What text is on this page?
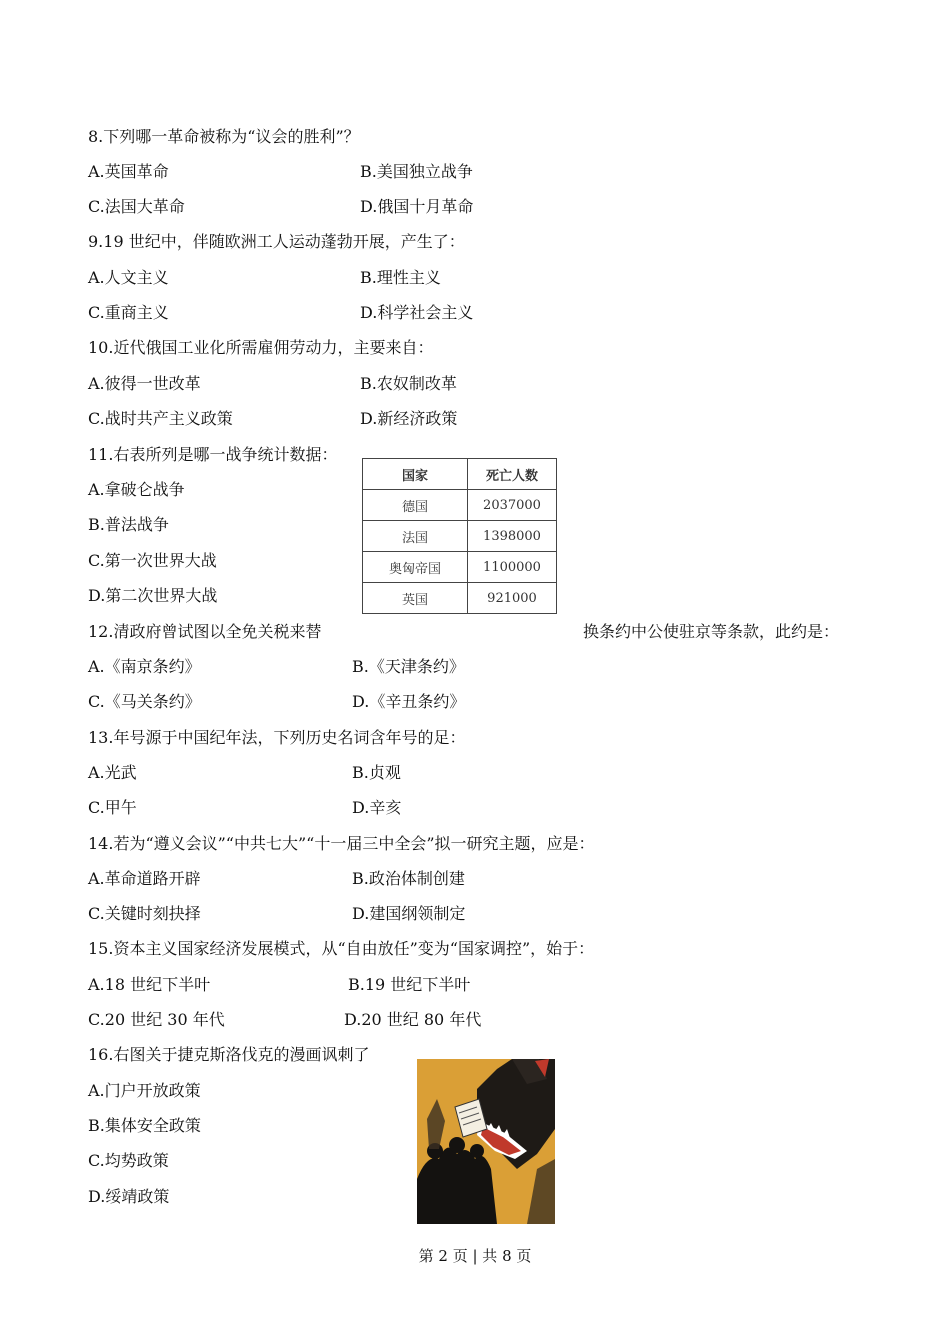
8.下列哪一革命被称为“议会的胜利”？
A.英国革命	B.美国独立战争
C.法国大革命	D.俄国十月革命
9.19 世纪中，伴随欧洲工人运动蓬勃开展，产生了：
A.人文主义	B.理性主义
C.重商主义	D.科学社会主义
10.近代俄国工业化所需雇佣劳动力，主要来自：
A.彼得一世改革	B.农奴制改革
C.战时共产主义政策	D.新经济政策
11.右表所列是哪一战争统计数据：
A.拿破仑战争
B.普法战争
C.第一次世界大战
D.第二次世界大战
国家	死亡人数
德国	2037000
法国	1398000
奥匈帝国	1100000
英国	921000
12.清政府曾试图以全免关税来替	换条约中公使驻京等条款，此约是：
A.《南京条约》	B.《天津条约》
C.《马关条约》	D.《辛丑条约》
13.年号源于中国纪年法，下列历史名词含年号的足：
A.光武	B.贞观
C.甲午	D.辛亥
14.若为“遵义会议”“中共七大”“十一届三中全会”拟一研究主题，应是：
A.革命道路开辟	B.政治体制创建
C.关键时刻抉择	D.建国纲领制定
15.资本主义国家经济发展模式，从“自由放任”变为“国家调控”，始于：
A.18 世纪下半叶	B.19 世纪下半叶
C.20 世纪 30 年代	D.20 世纪 80 年代
16.右图关于捷克斯洛伐克的漫画讽刺了
A.门户开放政策
B.集体安全政策
C.均势政策
D.绥靖政策
第 2 页 | 共 8 页
